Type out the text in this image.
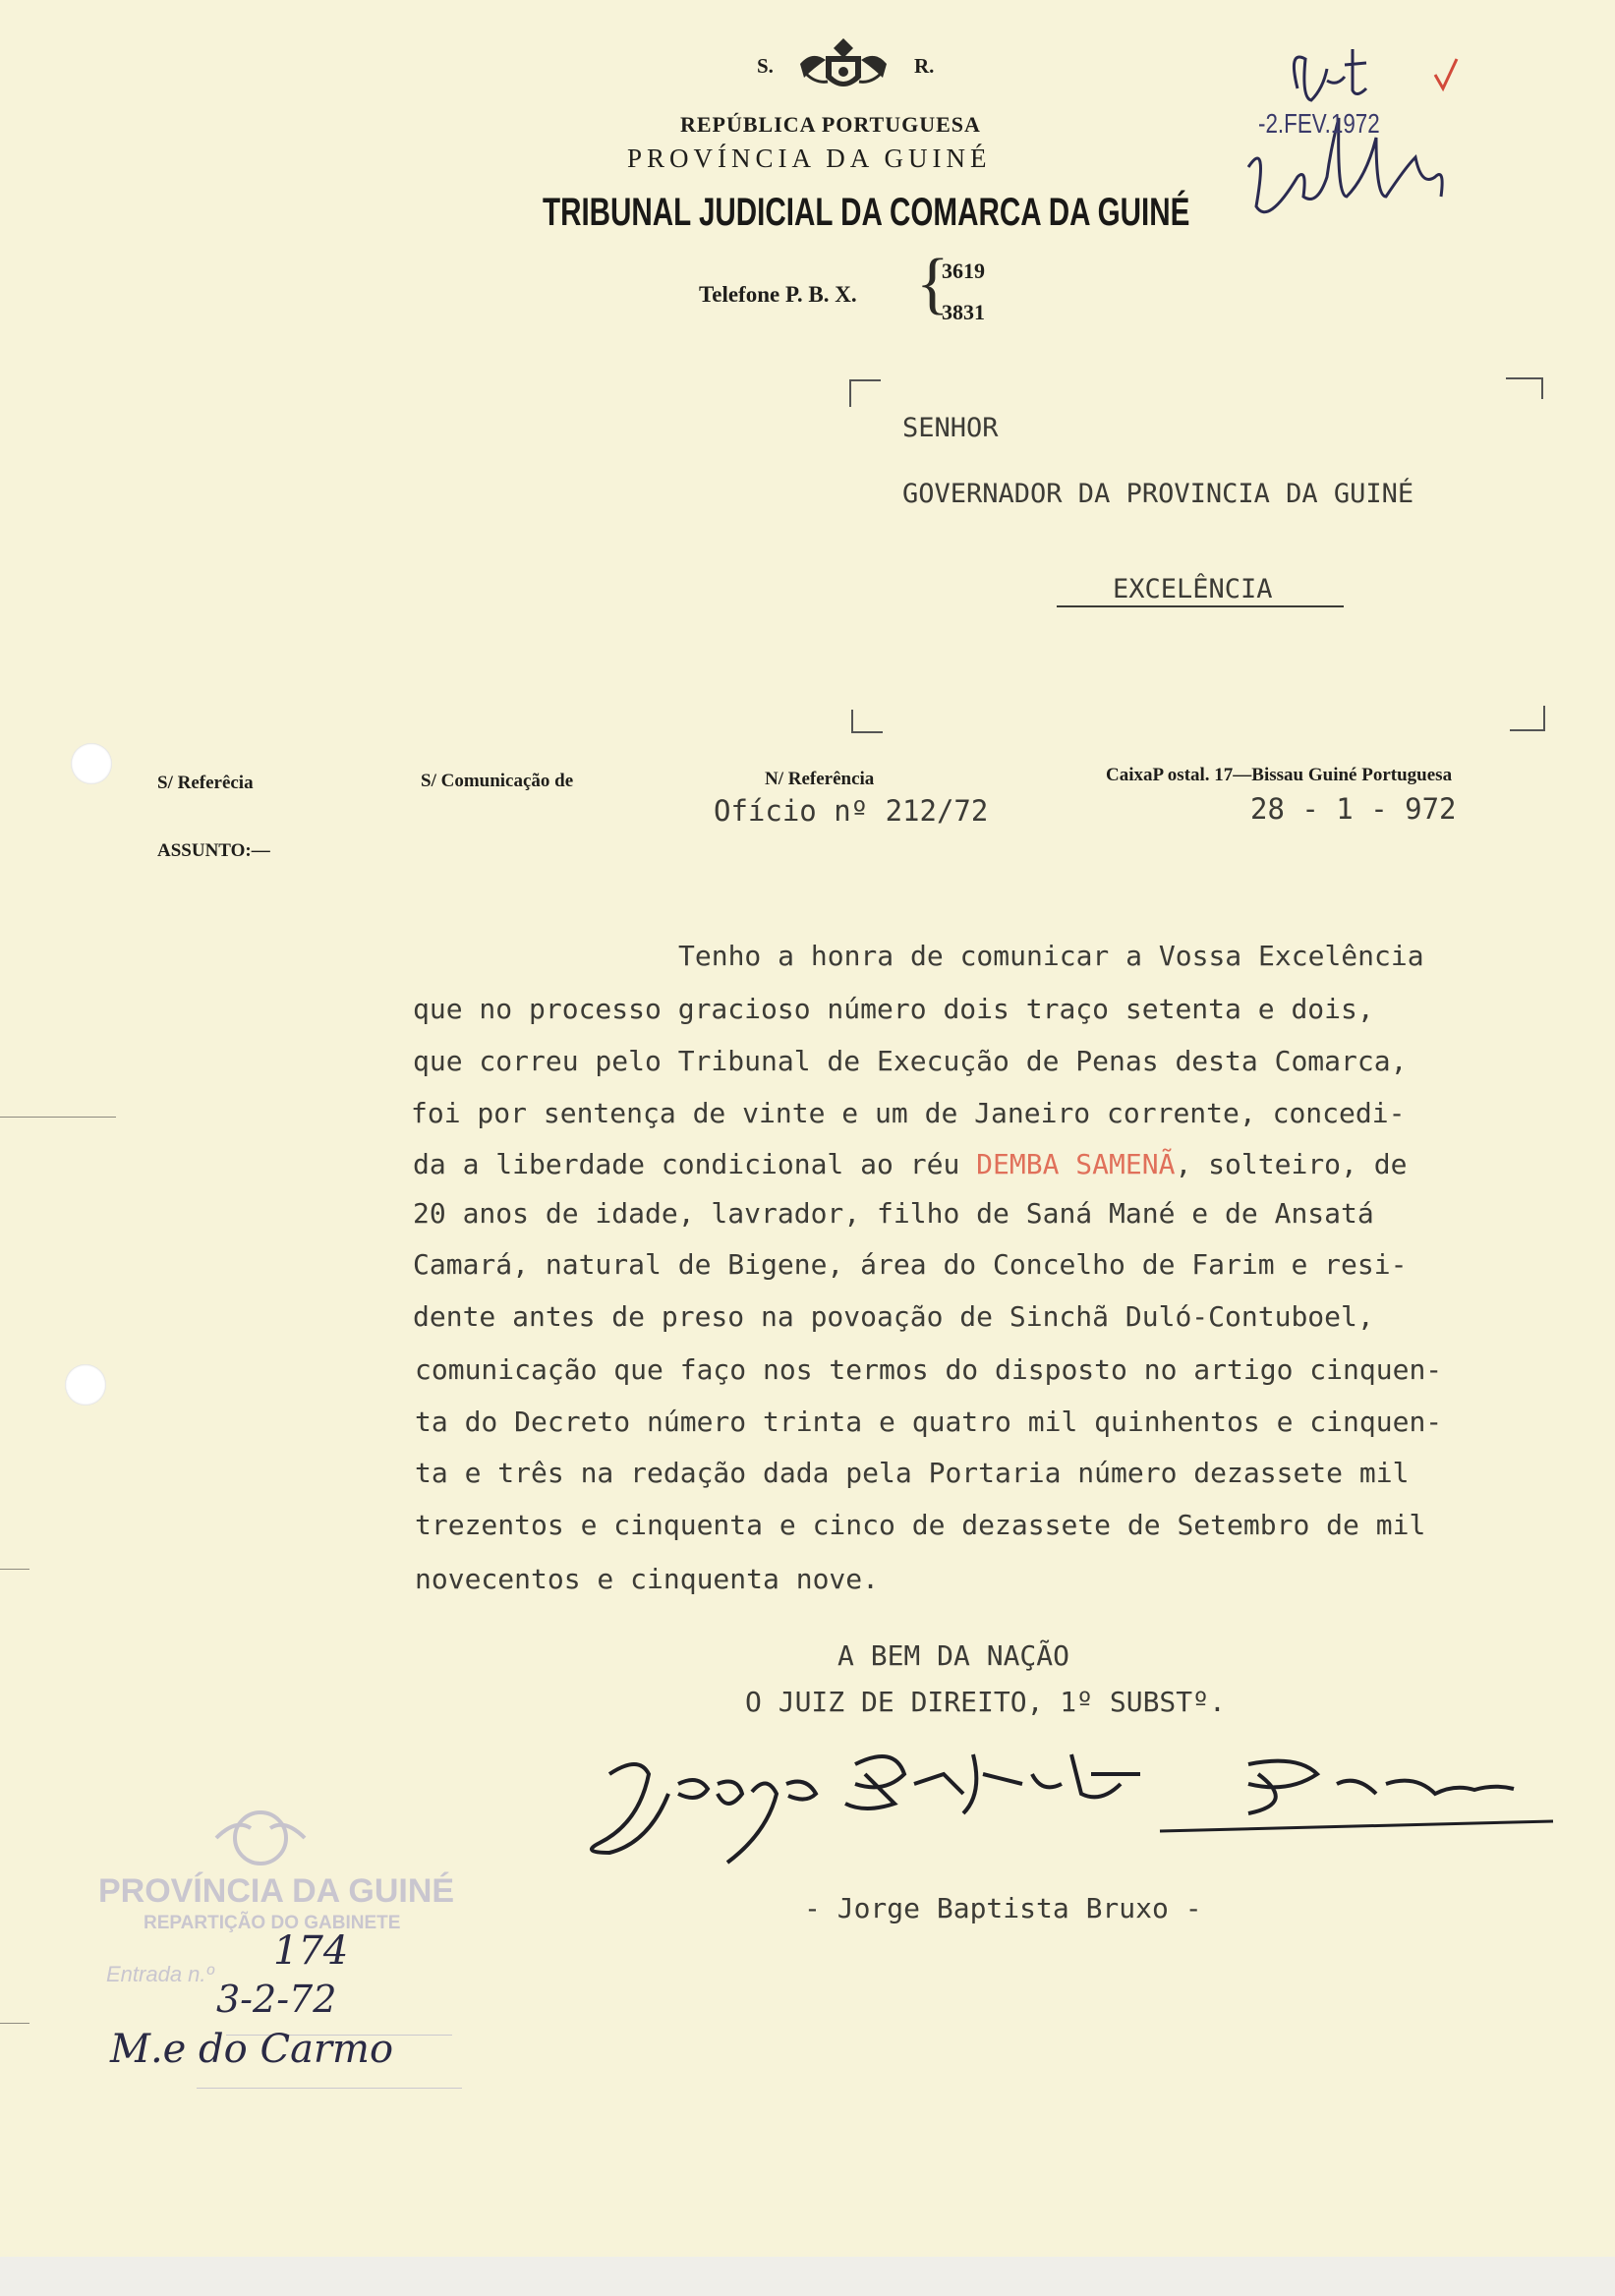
S.	R.
REPÚBLICA PORTUGUESA
PROVÍNCIA DA GUINÉ
TRIBUNAL JUDICIAL DA COMARCA DA GUINÉ
Telefone P. B. X. {
3619
3831
-2.FEV.1972
SENHOR
GOVERNADOR DA PROVINCIA DA GUINÉ
EXCELÊNCIA
S/ Referêcia	S/ Comunicação de	N/ Referência
Ofício nº 212/72
CaixaP ostal. 17—Bissau Guiné Portuguesa
28 - 1 - 972
ASSUNTO:—
Tenho a honra de comunicar a Vossa Excelência
que no processo gracioso número dois traço setenta e dois,
que correu pelo Tribunal de Execução de Penas desta Comarca,
foi por sentença de vinte e um de Janeiro corrente, concedi-
da a liberdade condicional ao réu DEMBA SAMENÃ, solteiro, de
20 anos de idade, lavrador, filho de Saná Mané e de Ansatá
Camará, natural de Bigene, área do Concelho de Farim e resi-
dente antes de preso na povoação de Sinchã Duló-Contuboel,
comunicação que faço nos termos do disposto no artigo cinquen-
ta do Decreto número trinta e quatro mil quinhentos e cinquen-
ta e três na redação dada pela Portaria número dezassete mil
trezentos e cinquenta e cinco de dezassete de Setembro de mil
novecentos e cinquenta nove.
A BEM DA NAÇÃO
O JUIZ DE DIREITO, 1º SUBSTº.
- Jorge Baptista Bruxo -
PROVÍNCIA DA GUINÉ
REPARTIÇÃO DO GABINETE
Entrada n.º
174
3-2-72
M.e do Carmo
